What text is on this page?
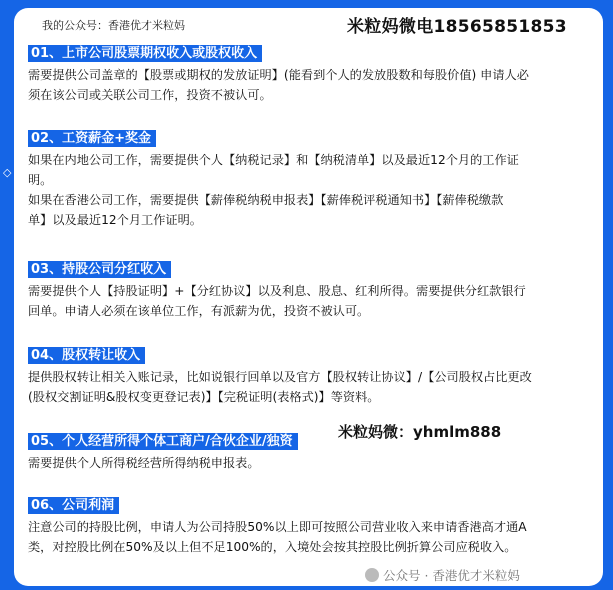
◇
我的公众号：香港优才米粒妈	米粒妈微电18565851853
01、上市公司股票期权收入或股权收入

需要提供公司盖章的【股票或期权的发放证明】(能看到个人的发放股数和每股价值) 申请人必

须在该公司或关联公司工作，投资不被认可。

02、工资薪金+奖金

如果在内地公司工作，需要提供个人【纳税记录】和【纳税清单】以及最近12个月的工作证

明。

如果在香港公司工作，需要提供【薪俸税纳税申报表】【薪俸税评税通知书】【薪俸税缴款

单】以及最近12个月工作证明。

03、持股公司分红收入

需要提供个人【持股证明】+【分红协议】以及利息、股息、红利所得。需要提供分红款银行

回单。申请人必须在该单位工作，有派薪为优，投资不被认可。

04、股权转让收入

提供股权转让相关入账记录，比如说银行回单以及官方【股权转让协议】/【公司股权占比更改

(股权交割证明&股权变更登记表)】【完税证明(表格式)】等资料。

05、个人经营所得个体工商户/合伙企业/独资

需要提供个人所得税经营所得纳税申报表。

06、公司利润

注意公司的持股比例，申请人为公司持股50%以上即可按照公司营业收入来申请香港高才通A

类，对控股比例在50%及以上但不足100%的，入境处会按其控股比例折算公司应税收入。

米粒妈微：yhmlm888
公众号 · 香港优才米粒妈
